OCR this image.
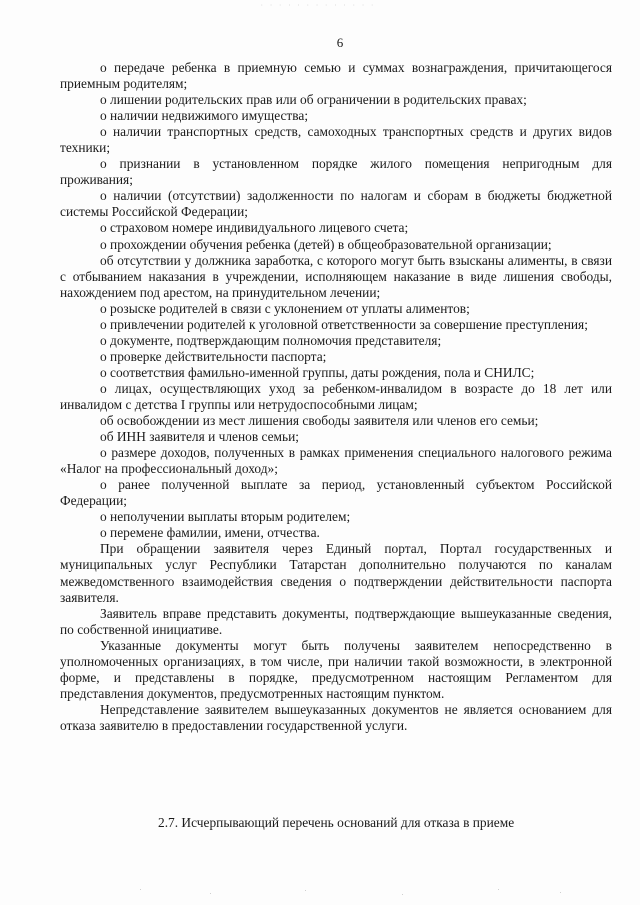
· · · · · · · · · · · · ·
6

о передаче ребенка в приемную семью и суммах вознаграждения, причитающегося приемным родителям;

о лишении родительских прав или об ограничении в родительских правах;

о наличии недвижимого имущества;

о наличии транспортных средств, самоходных транспортных средств и других видов техники;

о признании в установленном порядке жилого помещения непригодным для проживания;

о наличии (отсутствии) задолженности по налогам и сборам в бюджеты бюджетной системы Российской Федерации;

о страховом номере индивидуального лицевого счета;

о прохождении обучения ребенка (детей) в общеобразовательной организации;

об отсутствии у должника заработка, с которого могут быть взысканы алименты, в связи с отбыванием наказания в учреждении, исполняющем наказание в виде лишения свободы, нахождением под арестом, на принудительном лечении;

о розыске родителей в связи с уклонением от уплаты алиментов;

о привлечении родителей к уголовной ответственности за совершение преступления;

о документе, подтверждающим полномочия представителя;

о проверке действительности паспорта;

о соответствия фамильно-именной группы, даты рождения, пола и СНИЛС;

о лицах, осуществляющих уход за ребенком-инвалидом в возрасте до 18 лет или инвалидом с детства I группы или нетрудоспособными лицам;

об освобождении из мест лишения свободы заявителя или членов его семьи;

об ИНН заявителя и членов семьи;

о размере доходов, полученных в рамках применения специального налогового режима «Налог на профессиональный доход»;

о ранее полученной выплате за период, установленный субъектом Российской Федерации;

о неполучении выплаты вторым родителем;

о перемене фамилии, имени, отчества.

При обращении заявителя через Единый портал, Портал государственных и муниципальных услуг Республики Татарстан дополнительно получаются по каналам межведомственного взаимодействия сведения о подтверждении действительности паспорта заявителя.

Заявитель вправе представить документы, подтверждающие вышеуказанные сведения, по собственной инициативе.

Указанные документы могут быть получены заявителем непосредственно в уполномоченных организациях, в том числе, при наличии такой возможности, в электронной форме, и представлены в порядке, предусмотренном настоящим Регламентом для представления документов, предусмотренных настоящим пунктом.

Непредставление заявителем вышеуказанных документов не является основанием для отказа заявителю в предоставлении государственной услуги.

2.7. Исчерпывающий перечень оснований для отказа в приеме
